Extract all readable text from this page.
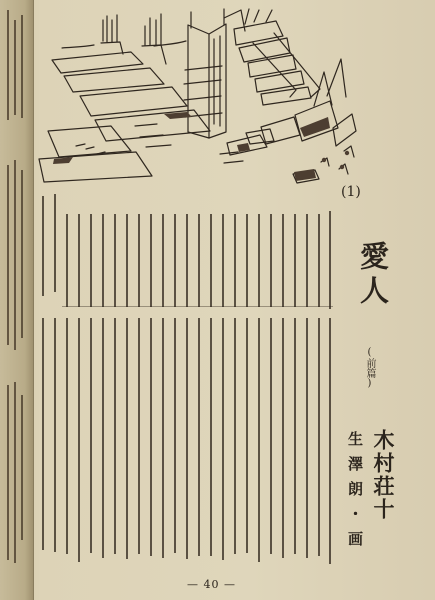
(1)
愛人
(前篇)
木村荘十
生澤朗・画
— 40 —
